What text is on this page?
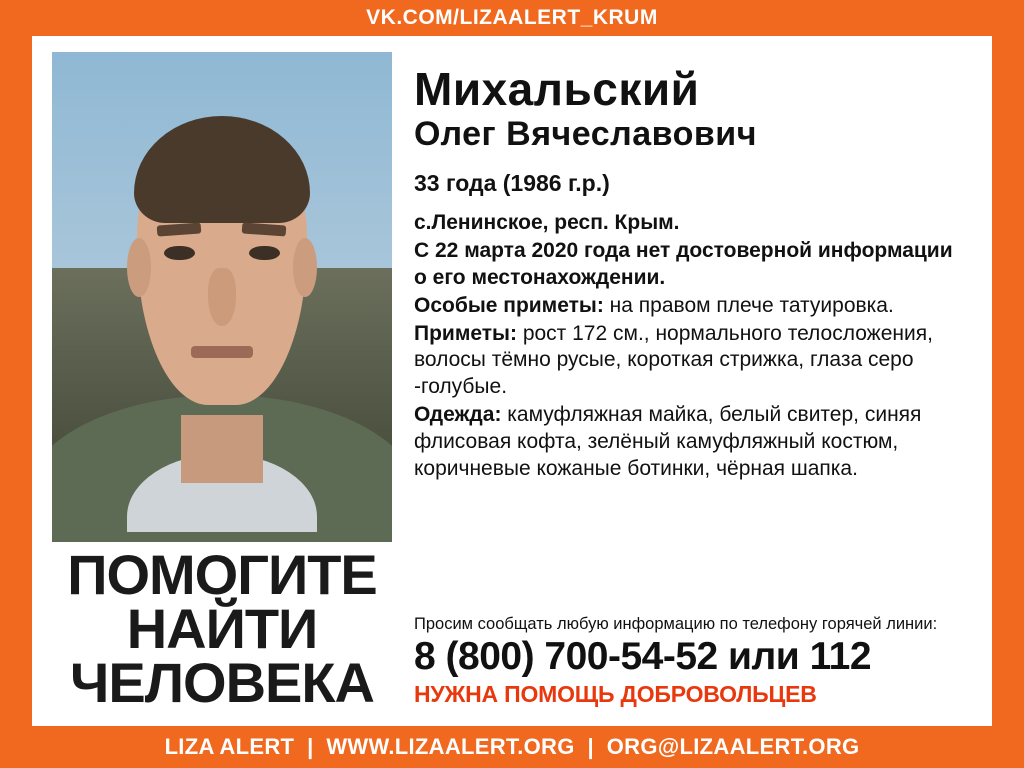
VK.COM/LIZAALERT_KRUM
ПОМОГИТЕ
НАЙТИ
ЧЕЛОВЕКА
Михальский
Олег Вячеславович
33 года (1986 г.р.)

с.Ленинское, респ. Крым.

С 22 марта 2020 года нет достоверной информации о его местонахождении.

Особые приметы: на правом плече татуировка.

Приметы: рост 172 см., нормального телосложения, волосы тёмно русые, короткая стрижка, глаза серо -голубые.

Одежда: камуфляжная майка, белый свитер, синяя флисовая кофта, зелёный камуфляжный костюм, коричневые кожаные ботинки, чёрная шапка.

Просим сообщать любую информацию по телефону горячей линии:
8 (800) 700-54-52 или 112
НУЖНА ПОМОЩЬ ДОБРОВОЛЬЦЕВ
LIZA ALERT | WWW.LIZAALERT.ORG | ORG@LIZAALERT.ORG
